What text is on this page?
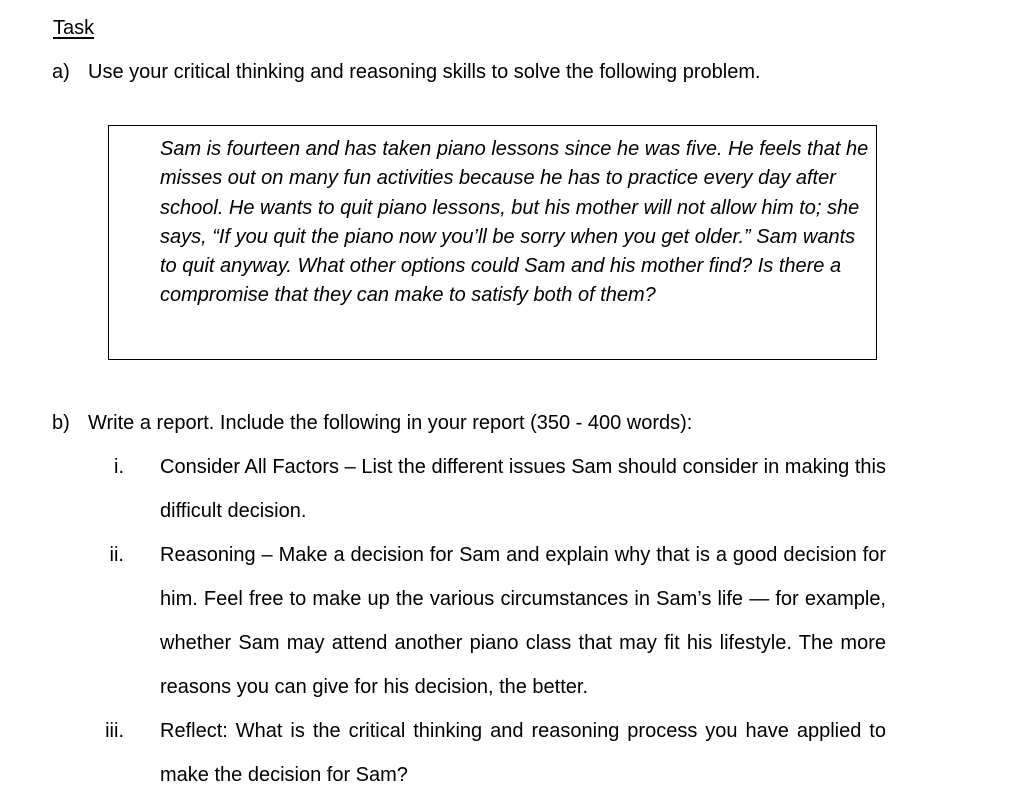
Task
a) Use your critical thinking and reasoning skills to solve the following problem.

Sam is fourteen and has taken piano lessons since he was five. He feels that he misses out on many fun activities because he has to practice every day after school. He wants to quit piano lessons, but his mother will not allow him to; she says, “If you quit the piano now you’ll be sorry when you get older.” Sam wants to quit anyway. What other options could Sam and his mother find? Is there a compromise that they can make to satisfy both of them?

b) Write a report. Include the following in your report (350 - 400 words):
i. Consider All Factors – List the different issues Sam should consider in making this difficult decision.

ii. Reasoning – Make a decision for Sam and explain why that is a good decision for him. Feel free to make up the various circumstances in Sam’s life — for example, whether Sam may attend another piano class that may fit his lifestyle. The more reasons you can give for his decision, the better.

iii. Reflect: What is the critical thinking and reasoning process you have applied to make the decision for Sam?
